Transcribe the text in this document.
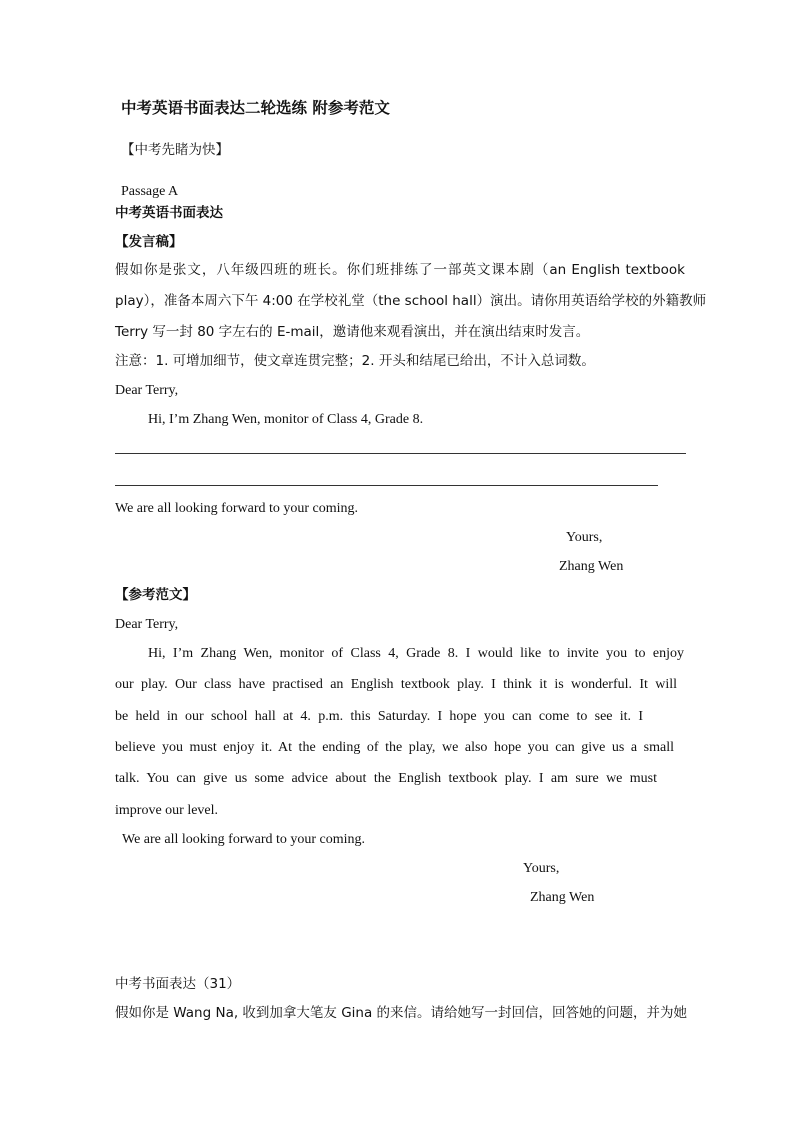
中考英语书面表达二轮选练 附参考范文
【中考先睹为快】
Passage A
中考英语书面表达
【发言稿】
假如你是张文，八年级四班的班长。你们班排练了一部英文课本剧（an English textbook
play），准备本周六下午 4:00 在学校礼堂（the school hall）演出。请你用英语给学校的外籍教师
Terry 写一封 80 字左右的 E-mail，邀请他来观看演出，并在演出结束时发言。
注意：1. 可增加细节，使文章连贯完整；2. 开头和结尾已给出，不计入总词数。
Dear Terry,
Hi, I’m Zhang Wen, monitor of Class 4, Grade 8.
We are all looking forward to your coming.
Yours,
Zhang Wen
【参考范文】
Dear Terry,
Hi, I’m Zhang Wen, monitor of Class 4, Grade 8. I would like to invite you to enjoy
our play. Our class have practised an English textbook play. I think it is wonderful. It will
be held in our school hall at 4. p.m. this Saturday. I hope you can come to see it. I
believe you must enjoy it. At the ending of the play, we also hope you can give us a small
talk. You can give us some advice about the English textbook play. I am sure we must
improve our level.
We are all looking forward to your coming.
Yours,
Zhang Wen
中考书面表达（31）
假如你是 Wang Na, 收到加拿大笔友 Gina 的来信。请给她写一封回信，回答她的问题，并为她
